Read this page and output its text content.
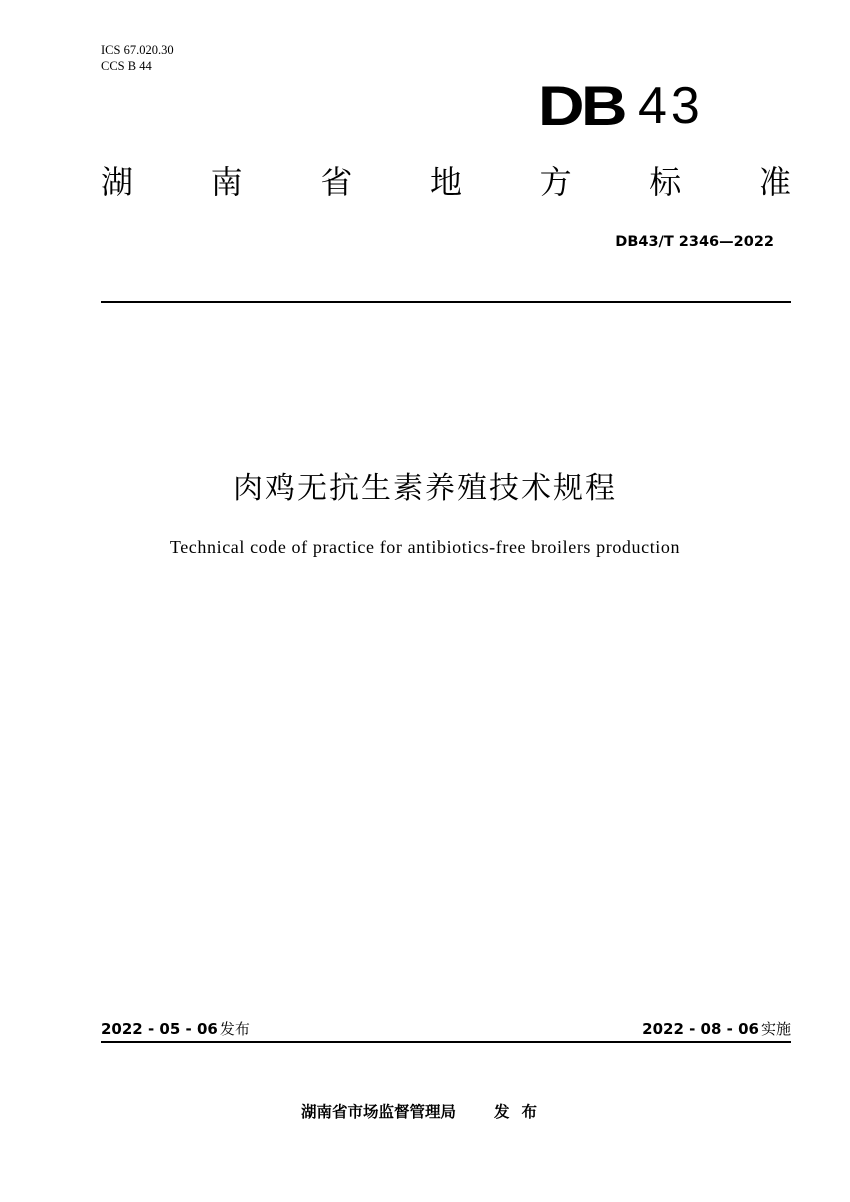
ICS 67.020.30
CCS B 44
DB 43
湖 南 省 地 方 标 准
DB43/T 2346—2022
肉鸡无抗生素养殖技术规程
Technical code of practice for antibiotics-free broilers production
2022 - 05 - 06 发布	2022 - 08 - 06 实施
湖南省市场监督管理局 发布
